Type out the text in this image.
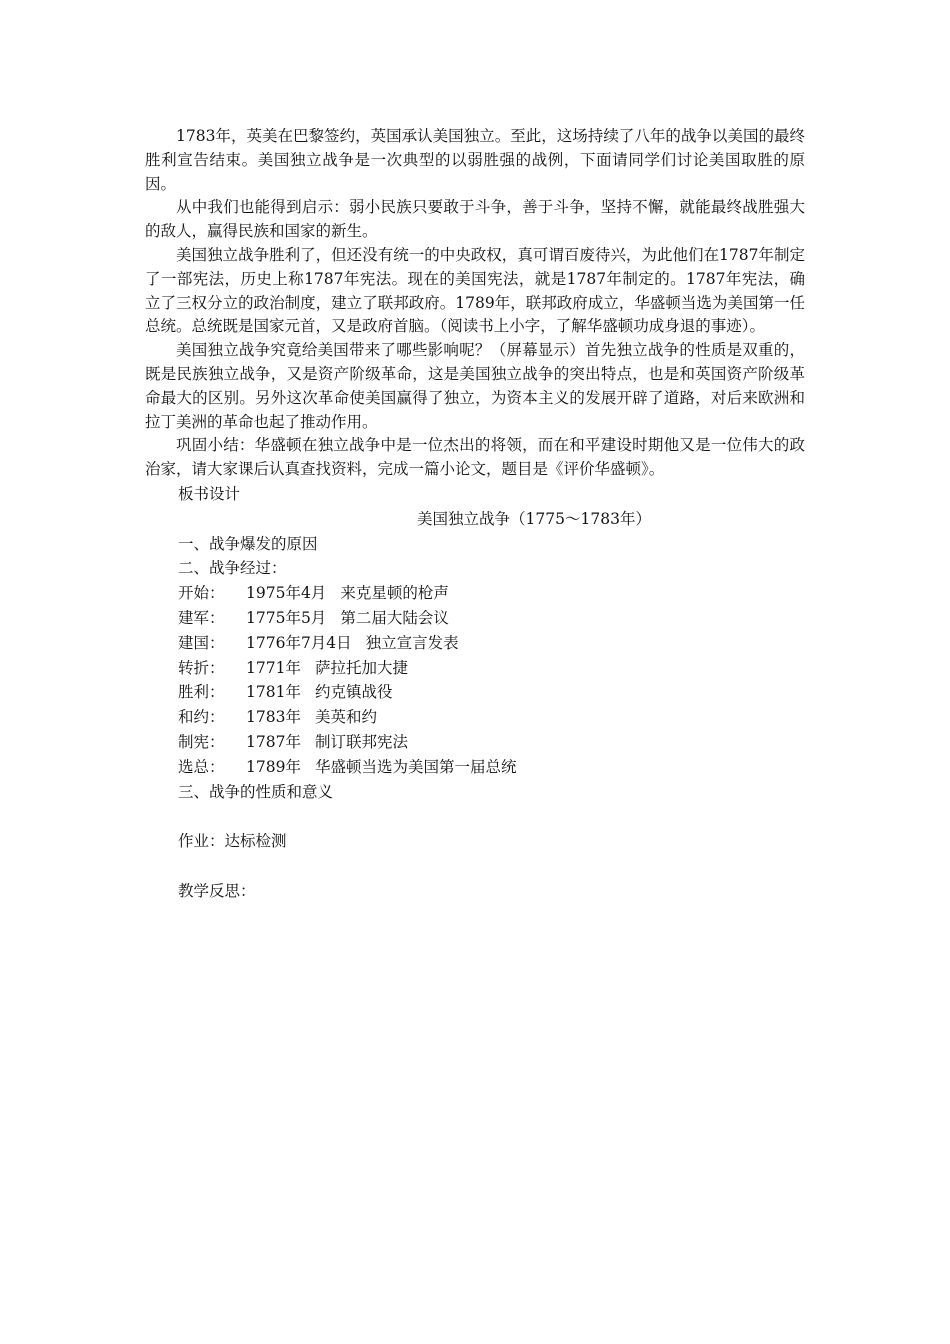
1783年，英美在巴黎签约，英国承认美国独立。至此，这场持续了八年的战争以美国的最终胜利宣告结束。美国独立战争是一次典型的以弱胜强的战例，下面请同学们讨论美国取胜的原因。

从中我们也能得到启示：弱小民族只要敢于斗争，善于斗争，坚持不懈，就能最终战胜强大的敌人，赢得民族和国家的新生。

美国独立战争胜利了，但还没有统一的中央政权，真可谓百废待兴，为此他们在1787年制定了一部宪法，历史上称1787年宪法。现在的美国宪法，就是1787年制定的。1787年宪法，确立了三权分立的政治制度，建立了联邦政府。1789年，联邦政府成立，华盛顿当选为美国第一任总统。总统既是国家元首，又是政府首脑。（阅读书上小字，了解华盛顿功成身退的事迹）。

美国独立战争究竟给美国带来了哪些影响呢？（屏幕显示）首先独立战争的性质是双重的，既是民族独立战争，又是资产阶级革命，这是美国独立战争的突出特点，也是和英国资产阶级革命最大的区别。另外这次革命使美国赢得了独立，为资本主义的发展开辟了道路，对后来欧洲和拉丁美洲的革命也起了推动作用。

巩固小结：华盛顿在独立战争中是一位杰出的将领，而在和平建设时期他又是一位伟大的政治家，请大家课后认真查找资料，完成一篇小论文，题目是《评价华盛顿》。

板书设计

美国独立战争（1775～1783年）

一、战争爆发的原因

二、战争经过：

开始：	1975年4月 来克星顿的枪声
建军：	1775年5月 第二届大陆会议
建国：	1776年7月4日 独立宣言发表
转折：	1771年 萨拉托加大捷
胜利：	1781年 约克镇战役
和约：	1783年 美英和约
制宪：	1787年 制订联邦宪法
选总：	1789年 华盛顿当选为美国第一届总统

三、战争的性质和意义

作业：达标检测

教学反思：
